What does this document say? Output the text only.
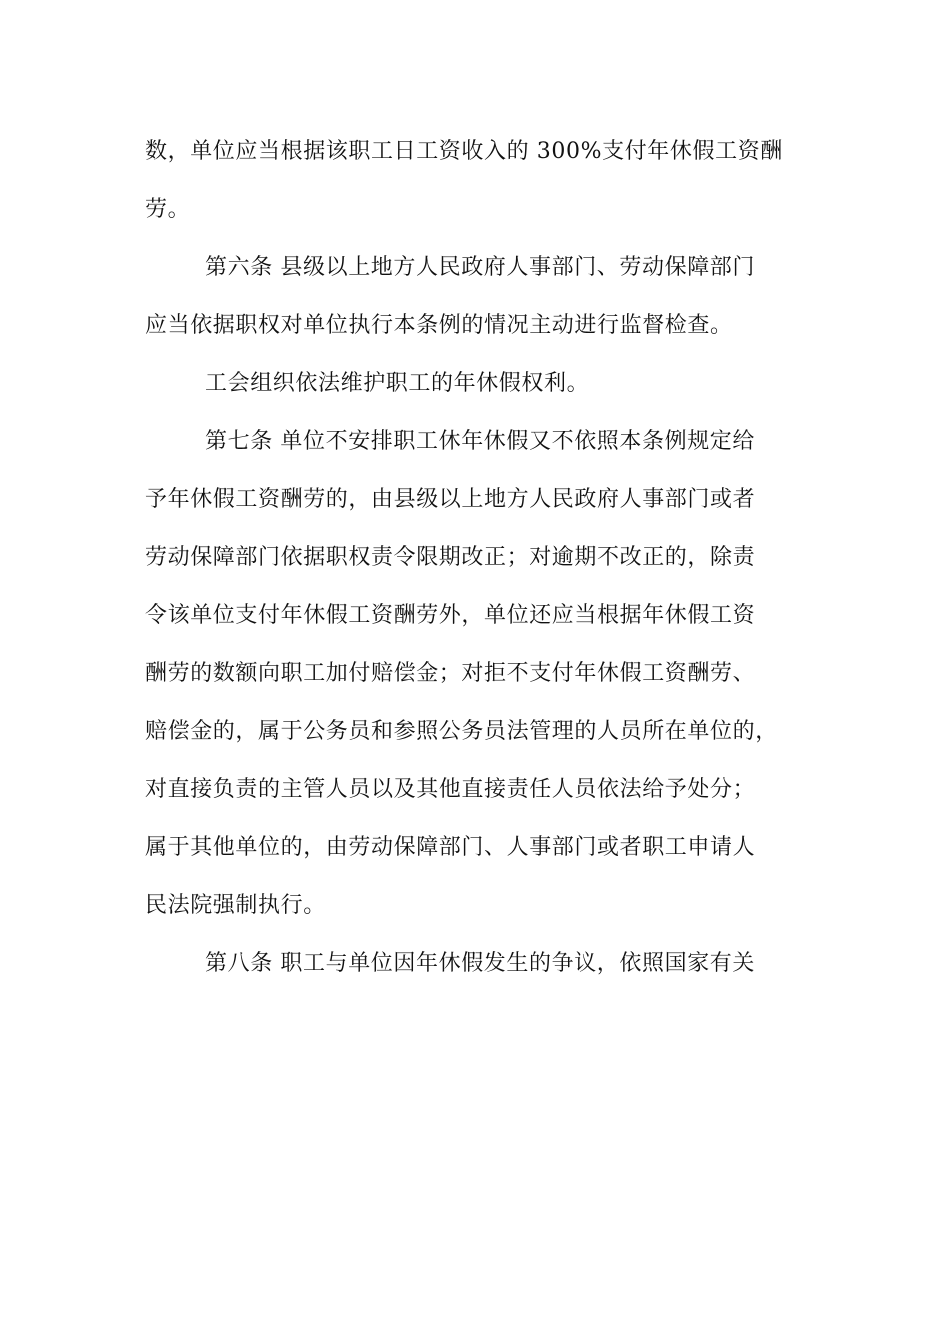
数，单位应当根据该职工日工资收入的 300%支付年休假工资酬
劳。
第六条 县级以上地方人民政府人事部门、劳动保障部门
应当依据职权对单位执行本条例的情况主动进行监督检查。
工会组织依法维护职工的年休假权利。
第七条 单位不安排职工休年休假又不依照本条例规定给
予年休假工资酬劳的，由县级以上地方人民政府人事部门或者
劳动保障部门依据职权责令限期改正；对逾期不改正的，除责
令该单位支付年休假工资酬劳外，单位还应当根据年休假工资
酬劳的数额向职工加付赔偿金；对拒不支付年休假工资酬劳、
赔偿金的，属于公务员和参照公务员法管理的人员所在单位的，
对直接负责的主管人员以及其他直接责任人员依法给予处分；
属于其他单位的，由劳动保障部门、人事部门或者职工申请人
民法院强制执行。
第八条 职工与单位因年休假发生的争议，依照国家有关
